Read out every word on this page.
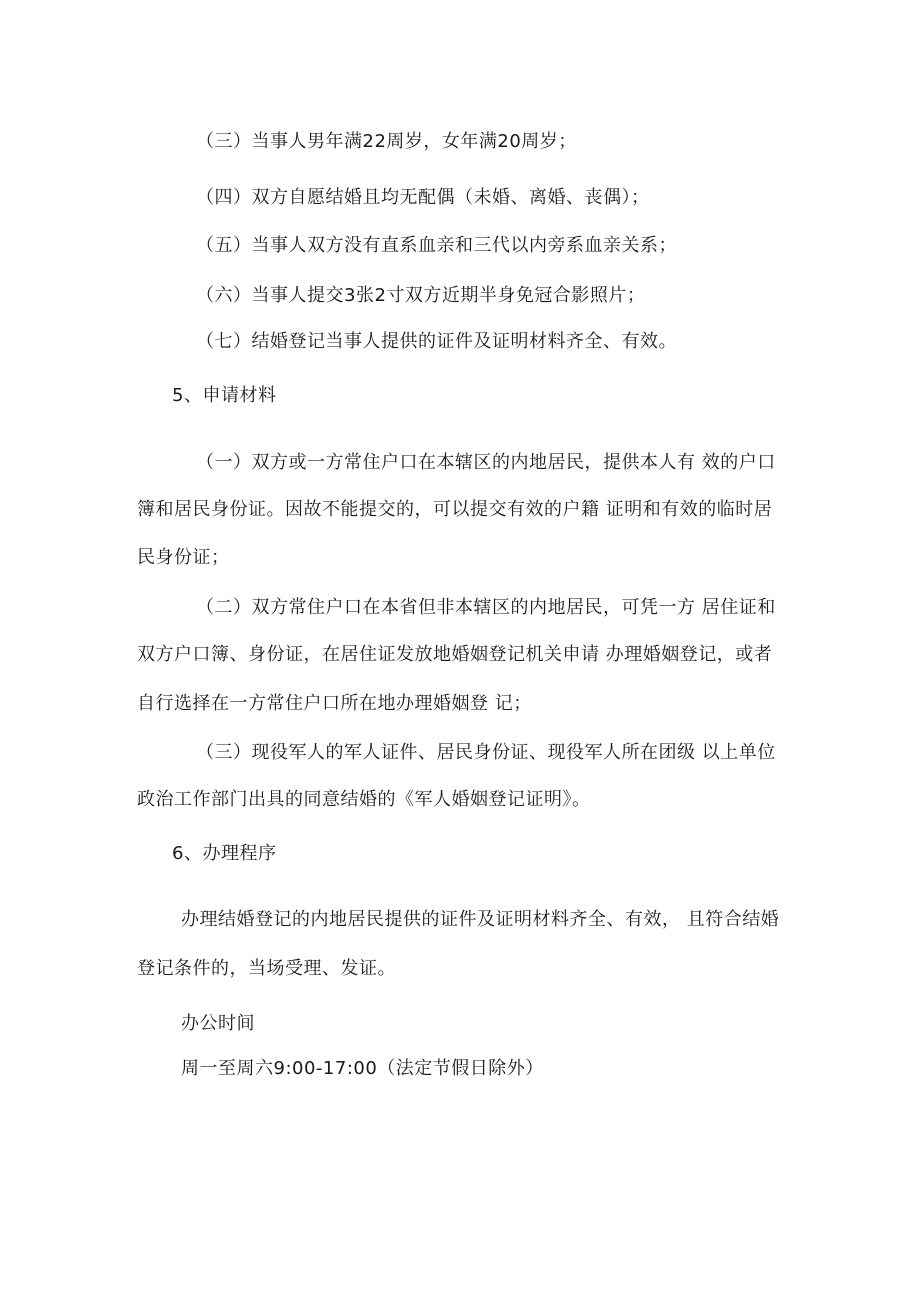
（三）当事人男年满22周岁，女年满20周岁；
（四）双方自愿结婚且均无配偶（未婚、离婚、丧偶）；
（五）当事人双方没有直系血亲和三代以内旁系血亲关系；
（六）当事人提交3张2寸双方近期半身免冠合影照片；
（七）结婚登记当事人提供的证件及证明材料齐全、有效。
5、申请材料
（一）双方或一方常住户口在本辖区的内地居民，提供本人有 效的户口
簿和居民身份证。因故不能提交的，可以提交有效的户籍 证明和有效的临时居
民身份证；
（二）双方常住户口在本省但非本辖区的内地居民，可凭一方 居住证和
双方户口簿、身份证，在居住证发放地婚姻登记机关申请 办理婚姻登记，或者
自行选择在一方常住户口所在地办理婚姻登 记；
（三）现役军人的军人证件、居民身份证、现役军人所在团级 以上单位
政治工作部门出具的同意结婚的《军人婚姻登记证明》。
6、办理程序
办理结婚登记的内地居民提供的证件及证明材料齐全、有效， 且符合结婚
登记条件的，当场受理、发证。
办公时间
周一至周六9:00-17:00（法定节假日除外）
